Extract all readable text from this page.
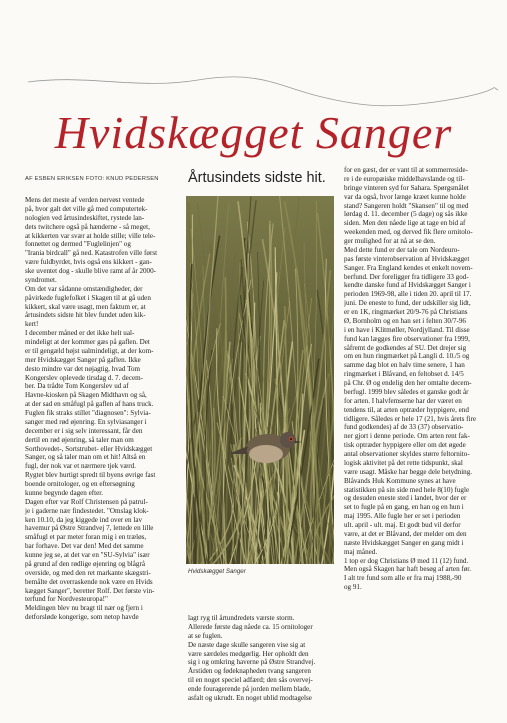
Hvidskægget Sanger
AF ESBEN ERIKSEN FOTO: KNUD PEDERSEN Årtusindets sidste hit.
Mens det meste af verden nervøst ventede
på, hvor galt det ville gå med computertek-
nologien ved årtusindeskiftet, rystede lan-
dets twitchere også på hænderne - så meget,
at kikkerten var svær at holde stille; ville tele-
fonnettet og dermed "Fuglelinjen" og
"Irania birdcall" gå ned. Katastrofen ville først
være fuldbyrdet, hvis også ens kikkert - gan-
ske uventet dog - skulle blive ramt af år 2000-
syndromet.
Om det var sådanne omstændigheder, der
påvirkede fuglefolket i Skagen til at gå uden
kikkert, skal være usagt, men faktum er, at
årtusindets sidste hit blev fundet uden kik-
kert!
I december måned er det ikke helt ual-
mindeligt at der kommer gæs på gaflen. Det
er til gengæld højst ualmindeligt, at der kom-
mer Hvidskægget Sanger på gaflen. Ikke
desto mindre var det nøjagtig, hvad Tom
Kongerslev oplevede tirsdag d. 7. decem-
ber. Da trådte Tom Kongerslev ud af
Havne-kiosken på Skagen Midthavn og så,
at der sad en småfugl på gaflen af hans truck.
Fuglen fik straks stillet "diagnosen": Sylvia-
sanger med rød øjenring. En sylviasanger i
december er i sig selv interessant, får den
dertil en rød øjenring, så taler man om
Sorthovedet-, Sortstrubet- eller Hvidskægget
Sanger, og så taler man om et hit! Altså en
fugl, der nok var et nærmere tjek værd.
Rygtet blev hurtigt spredt til byens øvrige fast
boende ornitologer, og en eftersøgning
kunne begynde dagen efter.
Dagen efter var Rolf Christensen på patrul-
je i gaderne nær findestedet. "Omslag klok-
ken 10.10, da jeg kiggede ind over en lav
havemur på Østre Strandvej 7, lettede en lille
småfugl et par meter foran mig i en træløs,
bar forhave. Det var den! Med det samme
kunne jeg se, at det var en "SU-Sylvia" især
på grund af den rødlige øjenring og blågrå
overside, og med den ret markante skægstri-
bemålte det overraskende nok være en Hvids
kægget Sanger", beretter Rolf. Det første vin-
terfund for Nordvesteuropa!"
Meldingen blev nu bragt til nær og fjern i
detforsløde kongerige, som netop havde
Hvidskægget Sanger
lagt ryg til årtundredets værste storm.
Allerede første dag nåede ca. 15 ornitologer
at se fuglen.
De næste dage skulle sangeren vise sig at
være særdeles medgørlig. Her opholdt den
sig i og omkring haverne på Østre Strandvej.
Årstiden og fødeknapheden tvang sangeren
til en noget speciel adfærd; den sås overvej-
ende fouragerende på jorden mellem blade,
asfalt og ukrudt. En noget ublid modtagelse
for en gæst, der er vant til at sommerreside-
re i de europæiske middelhavslande og til-
bringe vinteren syd for Sahara. Spørgsmålet
var da også, hvor længe kræet kunne holde
stand? Sangeren holdt "Skansen" til og med
lørdag d. 11. december (5 dage) og sås ikke
siden. Men den nåede lige at tage en bid af
weekenden med, og derved fik flere ornitolo-
ger mulighed for at nå at se den.
Med dette fund er der tale om Nordeuro-
pas første vinterobservation af Hvidskægget
Sanger. Fra England kendes et enkelt novem-
berfund. Der foreligger fra tidligere 33 god-
kendte danske fund af Hvidskægget Sanger i
perioden 1969-98, alle i tiden 20. april til 17.
juni. De eneste to fund, der udskiller sig lidt,
er en 1K, ringmærket 20/9-76 på Christians
Ø, Bornholm og en han set i felten 30/7-96
i en have i Klitmøller, Nordjylland. Til disse
fund kan lægges fire observationer fra 1999,
såfremt de godkendes af SU. Det drejer sig
om en hun ringmærket på Langli d. 10./5 og
samme dag blot en halv time senere, 1 han
ringmærket i Blåvand, en feltobset d. 14/5
på Chr. Ø og endelig den her omtalte decem-
berfugl. 1999 blev således et ganske godt år
for arten. I halvfemserne har der været en
tendens til, at arten optræder hyppigere, end
tidligere. Således er hele 17 (21, hvis årets fire
fund godkendes) af de 33 (37) observatio-
ner gjort i denne periode. Om arten rent fak-
tisk optræder hyppigere eller om det øgede
antal observationer skyldes større feltornito-
logisk aktivitet på det rette tidspunkt, skal
være usagt. Måske har begge dele betydning.
Blåvands Huk Kommune synes at have
statistikken på sin side med hele 8(10) fugle
og desuden eneste sted i landet, hvor der er
set to fugle på en gang, en han og en hun i
maj 1995. Alle fugle her er set i perioden
ult. april - ult. maj. Et godt bud vil derfor
være, at det er Blåvand, der melder om den
næste Hvidskægget Sanger en gang midt i
maj måned.
1 top er dog Christians Ø med 11 (12) fund.
Men også Skagen har haft besøg af arten før.
I alt tre fund som alle er fra maj 1988,-90
og 91.
